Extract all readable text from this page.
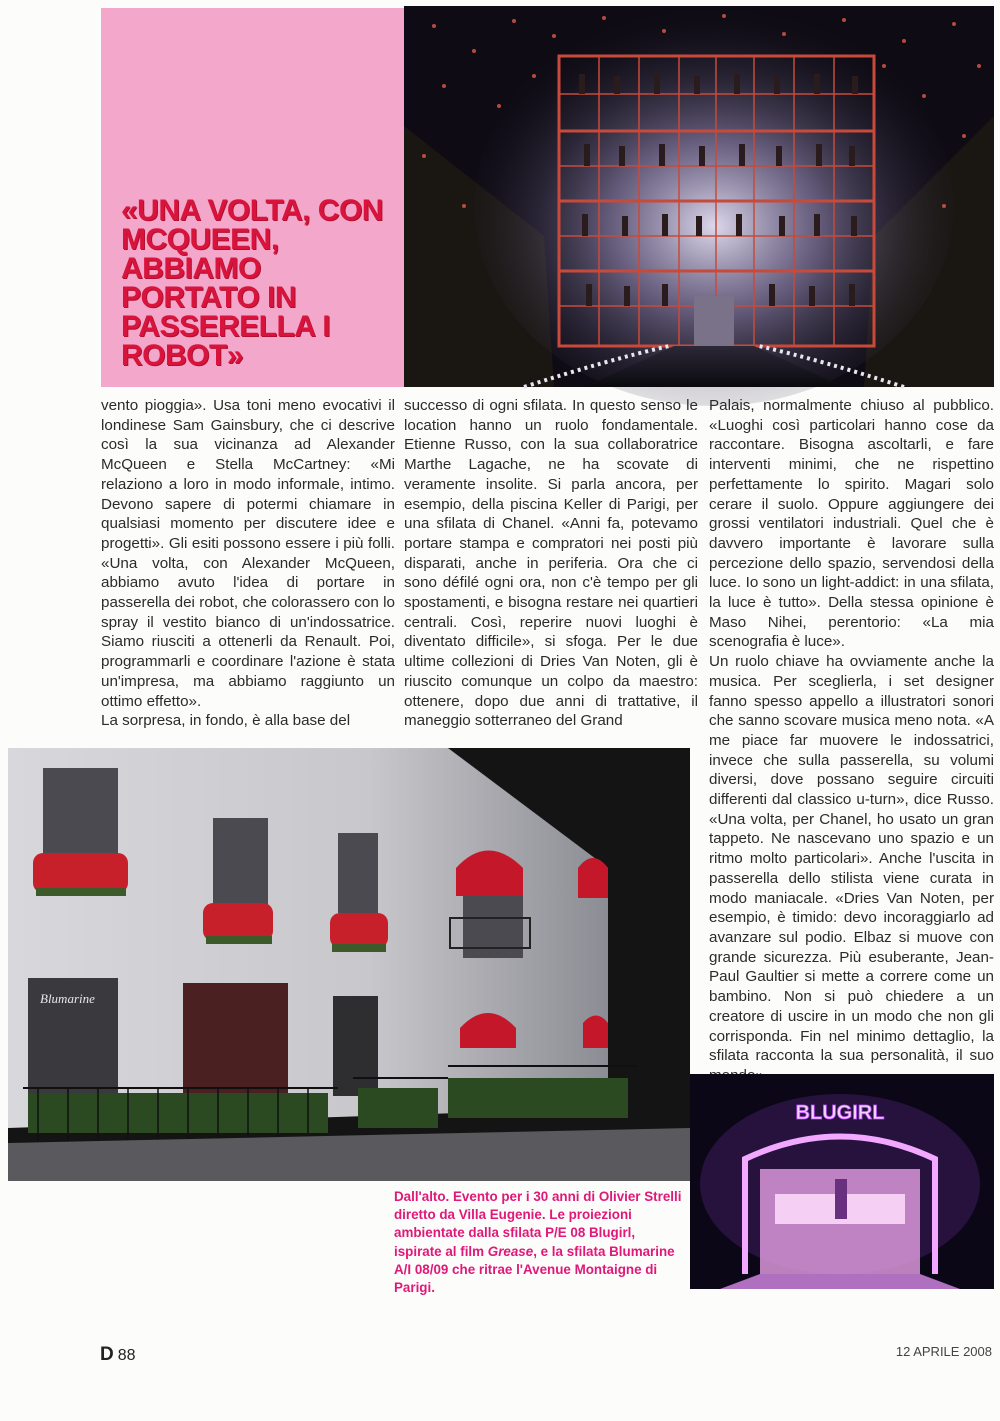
«UNA VOLTA, CON MCQUEEN, ABBIAMO PORTATO IN PASSERELLA I ROBOT»

vento pioggia». Usa toni meno evocativi il londinese Sam Gainsbury, che ci descrive così la sua vicinanza ad Alexander McQueen e Stella McCartney: «Mi relaziono a loro in modo informale, intimo. Devono sapere di potermi chiamare in qualsiasi momento per discutere idee e progetti». Gli esiti possono essere i più folli. «Una volta, con Alexander McQueen, abbiamo avuto l'idea di portare in passerella dei robot, che colorassero con lo spray il vestito bianco di un'indossatrice. Siamo riusciti a ottenerli da Renault. Poi, programmarli e coordinare l'azione è stata un'impresa, ma abbiamo raggiunto un ottimo effetto».

La sorpresa, in fondo, è alla base del

successo di ogni sfilata. In questo senso le location hanno un ruolo fondamentale. Etienne Russo, con la sua collaboratrice Marthe Lagache, ne ha scovate di veramente insolite. Si parla ancora, per esempio, della piscina Keller di Parigi, per una sfilata di Chanel. «Anni fa, potevamo portare stampa e compratori nei posti più disparati, anche in periferia. Ora che ci sono défilé ogni ora, non c'è tempo per gli spostamenti, e bisogna restare nei quartieri centrali. Così, reperire nuovi luoghi è diventato difficile», si sfoga. Per le due ultime collezioni di Dries Van Noten, gli è riuscito comunque un colpo da maestro: ottenere, dopo due anni di trattative, il maneggio sotterraneo del Grand

Palais, normalmente chiuso al pubblico. «Luoghi così particolari hanno cose da raccontare. Bisogna ascoltarli, e fare interventi minimi, che ne rispettino perfettamente lo spirito. Magari solo cerare il suolo. Oppure aggiungere dei grossi ventilatori industriali. Quel che è davvero importante è lavorare sulla percezione dello spazio, servendosi della luce. Io sono un light-addict: in una sfilata, la luce è tutto». Della stessa opinione è Maso Nihei, perentorio: «La mia scenografia è luce».

Un ruolo chiave ha ovviamente anche la musica. Per sceglierla, i set designer fanno spesso appello a illustratori sonori che sanno scovare musica meno nota. «A me piace far muovere le indossatrici, invece che sulla passerella, su volumi diversi, dove possano seguire circuiti differenti dal classico u-turn», dice Russo. «Una volta, per Chanel, ho usato un gran tappeto. Ne nascevano uno spazio e un ritmo molto particolari». Anche l'uscita in passerella dello stilista viene curata in modo maniacale. «Dries Van Noten, per esempio, è timido: devo incoraggiarlo ad avanzare sul podio. Elbaz si muove con grande sicurezza. Più esuberante, Jean-Paul Gaultier si mette a correre come un bambino. Non si può chiedere a un creatore di uscire in un modo che non gli corrisponda. Fin nel minimo dettaglio, la sfilata racconta la sua personalità, il suo

Blumarine
BLUGIRL

Dall'alto. Evento per i 30 anni di Olivier Strelli diretto da Villa Eugenie. Le proiezioni ambientate dalla sfilata P/E 08 Blugirl, ispirate al film Grease, e la sfilata Blumarine A/I 08/09 che ritrae l'Avenue Montaigne di Parigi.

D 88	12 APRILE 2008
